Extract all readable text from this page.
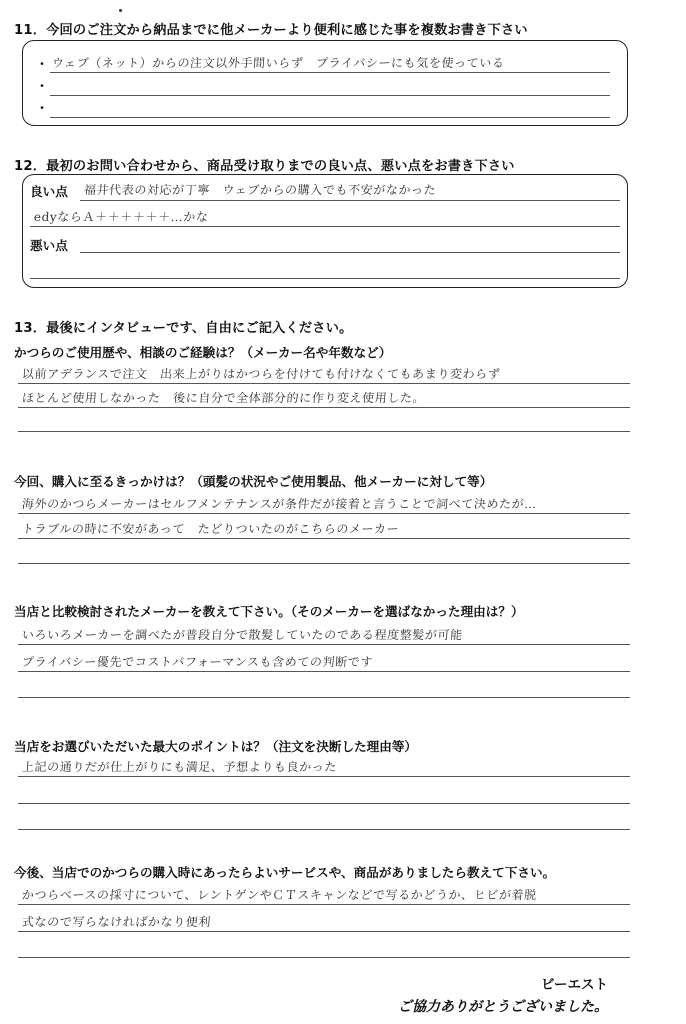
11．今回のご注文から納品までに他メーカーより便利に感じた事を複数お書き下さい
・
・
・
ウェブ（ネット）からの注文以外手間いらず　プライバシーにも気を使っている
12．最初のお問い合わせから、商品受け取りまでの良い点、悪い点をお書き下さい
良い点
悪い点
福井代表の対応が丁寧　ウェブからの購入でも不安がなかった
edyならＡ＋＋＋＋＋＋…かな
13．最後にインタビューです、自由にご記入ください。
かつらのご使用歴や、相談のご経験は？（メーカー名や年数など）
以前アデランスで注文　出来上がりはかつらを付けても付けなくてもあまり変わらず
ほとんど使用しなかった　後に自分で全体部分的に作り変え使用した。
今回、購入に至るきっかけは？（頭髪の状況やご使用製品、他メーカーに対して等）
海外のかつらメーカーはセルフメンテナンスが条件だが接着と言うことで詞べて決めたが…
トラブルの時に不安があって　たどりついたのがこちらのメーカー
当店と比較検討されたメーカーを教えて下さい。（そのメーカーを選ばなかった理由は？）
いろいろメーカーを調べたが普段自分で散髪していたのである程度整髪が可能
プライバシー優先でコストパフォーマンスも含めての判断です
当店をお選びいただいた最大のポイントは？（注文を決断した理由等）
上記の通りだが仕上がりにも満足、予想よりも良かった
今後、当店でのかつらの購入時にあったらよいサービスや、商品がありましたら教えて下さい。
かつらベースの採寸について、レントゲンやＣＴスキャンなどで写るかどうか、ヒビが着脱
式なので写らなければかなり便利
ビーエスト
ご協力ありがとうございました。
